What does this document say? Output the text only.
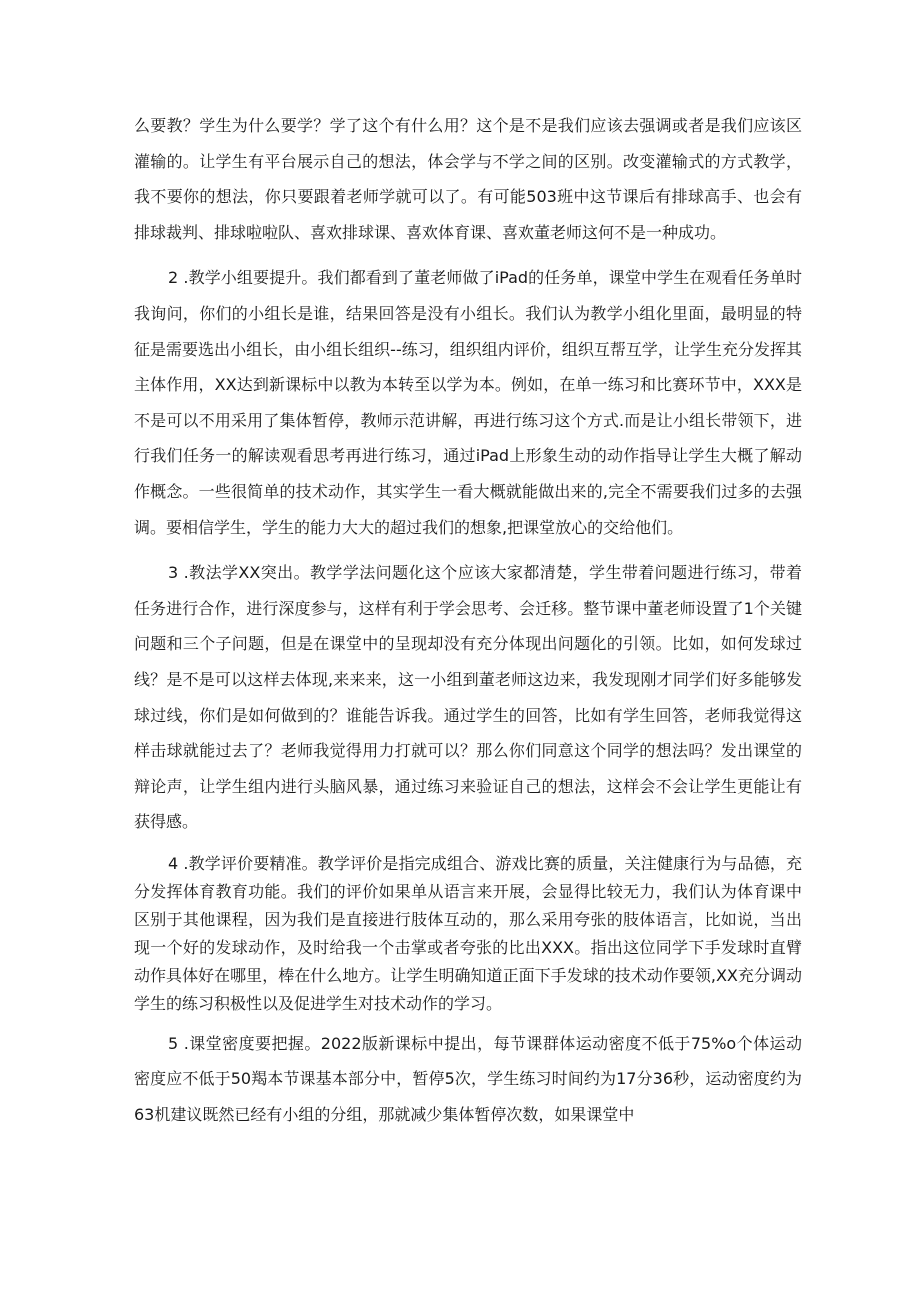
么要教？学生为什么要学？学了这个有什么用？这个是不是我们应该去强调或者是我们应该区灌输的。让学生有平台展示自己的想法，体会学与不学之间的区别。改变灌输式的方式教学，我不要你的想法，你只要跟着老师学就可以了。有可能503班中这节课后有排球高手、也会有排球裁判、排球啦啦队、喜欢排球课、喜欢体育课、喜欢董老师这何不是一种成功。

2 .教学小组要提升。我们都看到了董老师做了iPad的任务单，课堂中学生在观看任务单时我询问，你们的小组长是谁，结果回答是没有小组长。我们认为教学小组化里面，最明显的特征是需要选出小组长，由小组长组织--练习，组织组内评价，组织互帮互学，让学生充分发挥其主体作用，XX达到新课标中以教为本转至以学为本。例如，在单一练习和比赛环节中，XXX是不是可以不用采用了集体暂停，教师示范讲解，再进行练习这个方式.而是让小组长带领下，进行我们任务一的解读观看思考再进行练习，通过iPad上形象生动的动作指导让学生大概了解动作概念。一些很简单的技术动作，其实学生一看大概就能做出来的,完全不需要我们过多的去强调。要相信学生，学生的能力大大的超过我们的想象,把课堂放心的交给他们。

3 .教法学XX突出。教学学法问题化这个应该大家都清楚，学生带着问题进行练习，带着任务进行合作，进行深度参与，这样有利于学会思考、会迁移。整节课中董老师设置了1个关键问题和三个子问题，但是在课堂中的呈现却没有充分体现出问题化的引领。比如，如何发球过线？是不是可以这样去体现,来来来，这一小组到董老师这边来，我发现刚才同学们好多能够发球过线，你们是如何做到的？谁能告诉我。通过学生的回答，比如有学生回答，老师我觉得这样击球就能过去了？老师我觉得用力打就可以？那么你们同意这个同学的想法吗？发出课堂的辩论声，让学生组内进行头脑风暴，通过练习来验证自己的想法，这样会不会让学生更能让有获得感。

4 .教学评价要精准。教学评价是指完成组合、游戏比赛的质量，关注健康行为与品德，充分发挥体育教育功能。我们的评价如果单从语言来开展，会显得比较无力，我们认为体育课中区别于其他课程，因为我们是直接进行肢体互动的，那么采用夸张的肢体语言，比如说，当出现一个好的发球动作，及时给我一个击掌或者夸张的比出XXX。指出这位同学下手发球时直臂动作具体好在哪里，棒在什么地方。让学生明确知道正面下手发球的技术动作要领,XX充分调动学生的练习积极性以及促进学生对技术动作的学习。

5 .课堂密度要把握。2022版新课标中提出，每节课群体运动密度不低于75%o个体运动密度应不低于50羯本节课基本部分中，暂停5次，学生练习时间约为17分36秒，运动密度约为63机建议既然已经有小组的分组，那就减少集体暂停次数，如果课堂中
